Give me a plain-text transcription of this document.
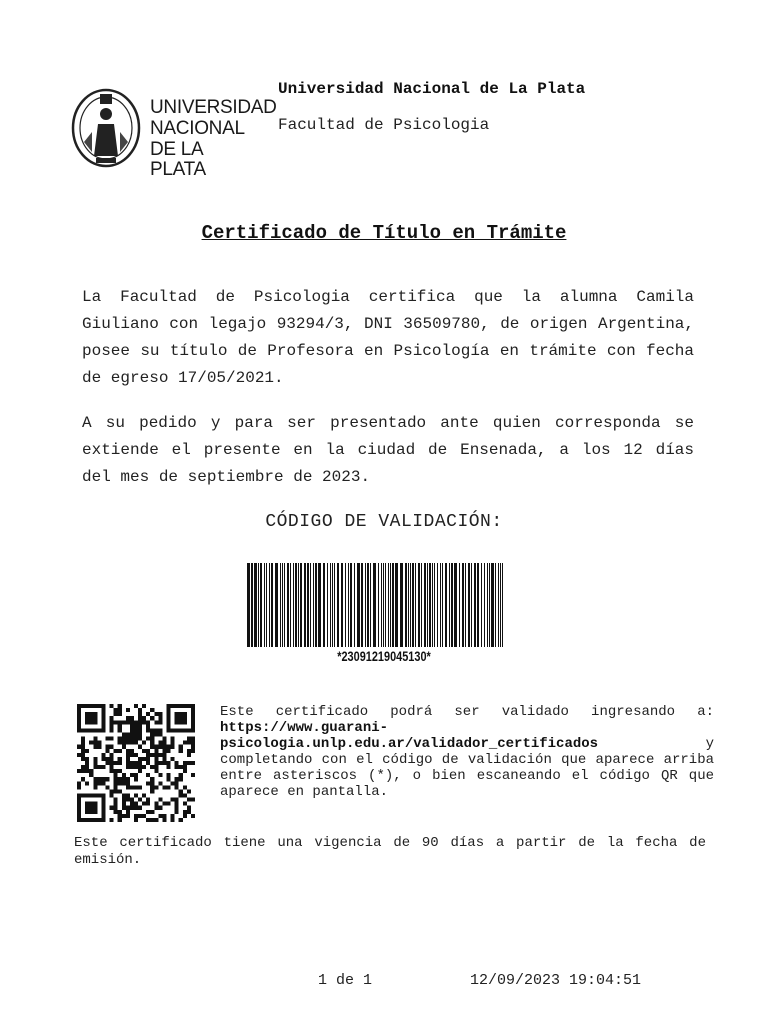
UNIVERSIDAD
NACIONAL
DE LA PLATA
Universidad Nacional de La Plata
Facultad de Psicologia
Certificado de Título en Trámite
La Facultad de Psicologia certifica que la alumna Camila Giuliano con legajo 93294/3, DNI 36509780, de origen Argentina, posee su título de Profesora en Psicología en trámite con fecha de egreso 17/05/2021.
A su pedido y para ser presentado ante quien corresponda se extiende el presente en la ciudad de Ensenada, a los 12 días del mes de septiembre de 2023.
CÓDIGO DE VALIDACIÓN:
*23091219045130*
Este certificado podrá ser validado ingresando a: https://www.guarani-psicologia.unlp.edu.ar/validador_certificados y completando con el código de validación que aparece arriba entre asteriscos (*), o bien escaneando el código QR que aparece en pantalla.
Este certificado tiene una vigencia de 90 días a partir de la fecha de emisión.
1 de 1	12/09/2023 19:04:51
